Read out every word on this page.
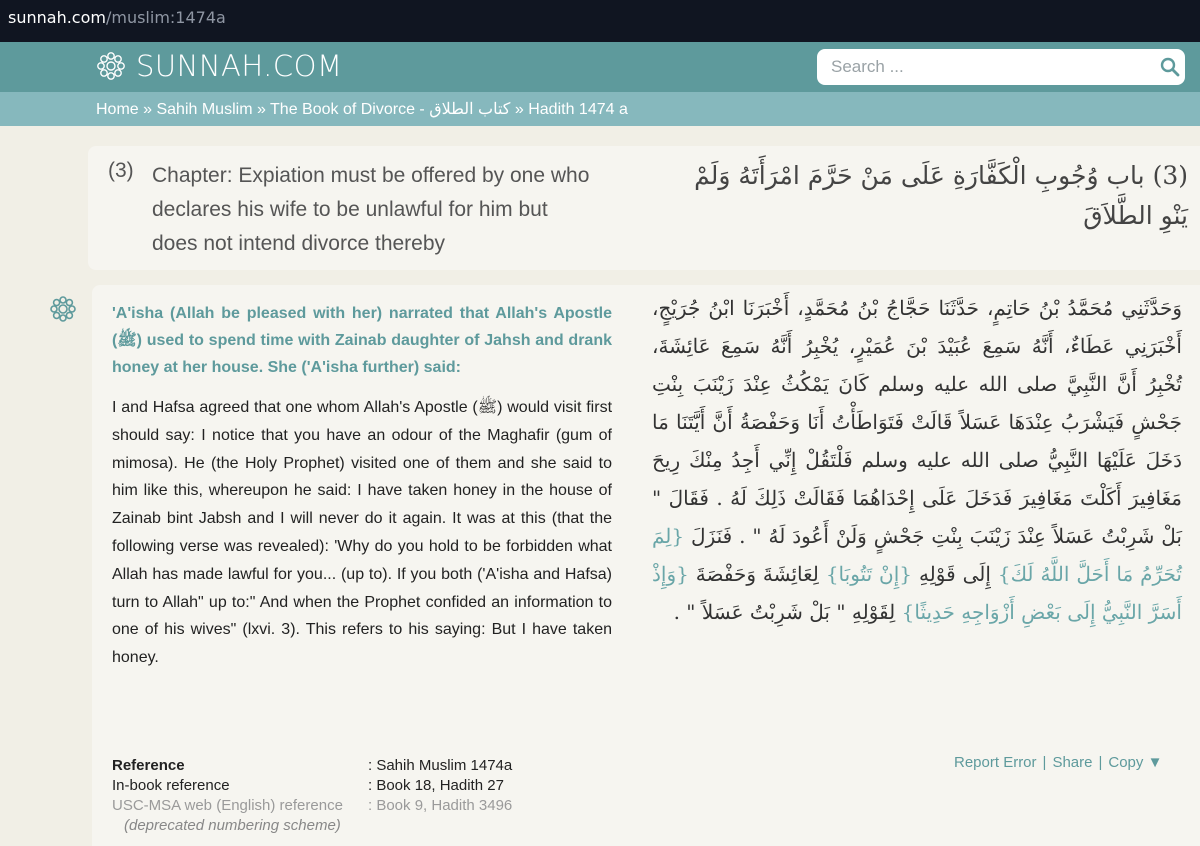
sunnah.com/muslim:1474a
SUNNAH.COM
Search ...
Home » Sahih Muslim » The Book of Divorce - كتاب الطلاق » Hadith 1474 a
(3) Chapter: Expiation must be offered by one who declares his wife to be unlawful for him but does not intend divorce thereby
(3) باب وُجُوبِ الْكَفَّارَةِ عَلَى مَنْ حَرَّمَ امْرَأَتَهُ وَلَمْ يَنْوِ الطَّلاَقَ
'A'isha (Allah be pleased with her) narrated that Allah's Apostle (ﷺ) used to spend time with Zainab daughter of Jahsh and drank honey at her house. She ('A'isha further) said:
I and Hafsa agreed that one whom Allah's Apostle (ﷺ) would visit first should say: I notice that you have an odour of the Maghafir (gum of mimosa). He (the Holy Prophet) visited one of them and she said to him like this, whereupon he said: I have taken honey in the house of Zainab bint Jabsh and I will never do it again. It was at this (that the following verse was revealed): 'Why do you hold to be forbidden what Allah has made lawful for you... (up to). If you both ('A'isha and Hafsa) turn to Allah" up to:" And when the Prophet confided an information to one of his wives" (lxvi. 3). This refers to his saying: But I have taken honey.
وَحَدَّثَنِي مُحَمَّدُ بْنُ حَاتِمٍ، حَدَّثَنَا حَجَّاجُ بْنُ مُحَمَّدٍ، أَخْبَرَنَا ابْنُ جُرَيْجٍ، أَخْبَرَنِي عَطَاءٌ، أَنَّهُ سَمِعَ عُبَيْدَ بْنَ عُمَيْرٍ، يُخْبِرُ أَنَّهُ سَمِعَ عَائِشَةَ، تُخْبِرُ أَنَّ النَّبِيَّ صلى الله عليه وسلم كَانَ يَمْكُثُ عِنْدَ زَيْنَبَ بِنْتِ جَحْشٍ فَيَشْرَبُ عِنْدَهَا عَسَلاً قَالَتْ فَتَوَاطَأْتُ أَنَا وَحَفْصَةُ أَنَّ أَيَّتَنَا مَا دَخَلَ عَلَيْهَا النَّبِيُّ صلى الله عليه وسلم فَلْتَقُلْ إِنِّي أَجِدُ مِنْكَ رِيحَ مَغَافِيرَ أَكَلْتَ مَغَافِيرَ فَدَخَلَ عَلَى إِحْدَاهُمَا فَقَالَتْ ذَلِكَ لَهُ ‏.‏ فَقَالَ ‏"‏ بَلْ شَرِبْتُ عَسَلاً عِنْدَ زَيْنَبَ بِنْتِ جَحْشٍ وَلَنْ أَعُودَ لَهُ ‏"‏ ‏.‏ فَنَزَلَ {لِمَ تُحَرِّمُ مَا أَحَلَّ اللَّهُ لَكَ} إِلَى قَوْلِهِ {إِنْ تَتُوبَا} لِعَائِشَةَ وَحَفْصَةَ {وَإِذْ أَسَرَّ النَّبِيُّ إِلَى بَعْضِ أَزْوَاجِهِ حَدِيثًا} لِقَوْلِهِ ‏"‏ بَلْ شَرِبْتُ عَسَلاً ‏"‏ ‏.‏
Reference	: Sahih Muslim 1474a
In-book reference	: Book 18, Hadith 27
USC-MSA web (English) reference	: Book 9, Hadith 3496
(deprecated numbering scheme)
Report Error | Share | Copy ▼
